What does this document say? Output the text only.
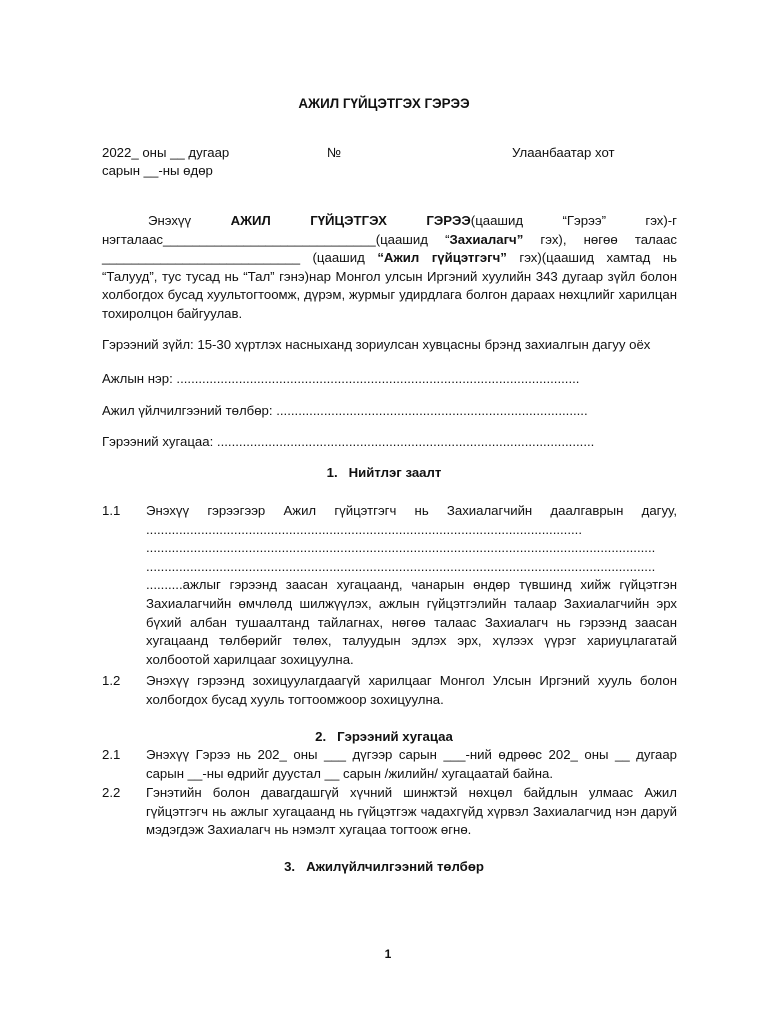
АЖИЛ ГҮЙЦЭТГЭХ ГЭРЭЭ
2022_ оны __ дугаар	№	Улаанбаатар хот
сарын __-ны өдөр
Энэхүү АЖИЛ ГҮЙЦЭТГЭХ ГЭРЭЭ(цаашид “Гэрээ” гэх)-г нэгталаас_____________________________(цаашид “Захиалагч” гэх), нөгөө талаас ___________________________ (цаашид “Ажил гүйцэтгэгч” гэх)(цаашид хамтад нь “Талууд”, тус тусад нь “Тал” гэнэ)нар Монгол улсын Иргэний хуулийн 343 дугаар зүйл болон холбогдох бусад хуультогтоомж, дүрэм, журмыг удирдлага болгон дараах нөхцлийг харилцан тохиролцон байгуулав.
Гэрээний зүйл: 15-30 хүртлэх насныханд зориулсан хувцасны брэнд захиалгын дагуу оёх
Ажлын нэр: ..............................................................................................................
Ажил үйлчилгээний төлбөр: .....................................................................................
Гэрээний хугацаа: .......................................................................................................
1. Нийтлэг заалт
1.1 Энэхүү гэрээгээр Ажил гүйцэтгэгч нь Захиалагчийн даалгаврын дагуу, .......................................................................................................................
...........................................................................................................................................
...........................................................................................................................................
..........ажлыг гэрээнд заасан хугацаанд, чанарын өндөр түвшинд хийж гүйцэтгэн Захиалагчийн өмчлөлд шилжүүлэх, ажлын гүйцэтгэлийн талаар Захиалагчийн эрх бүхий албан тушаалтанд тайлагнах, нөгөө талаас Захиалагч нь гэрээнд заасан хугацаанд төлбөрийг төлөх, талуудын эдлэх эрх, хүлээх үүрэг хариуцлагатай холбоотой харилцааг зохицуулна.
1.2 Энэхүү гэрээнд зохицуулагдаагүй харилцааг Монгол Улсын Иргэний хууль болон холбогдох бусад хууль тогтоомжоор зохицуулна.
2. Гэрээний хугацаа
2.1 Энэхүү Гэрээ нь 202_ оны ___ дүгээр сарын ___-ний өдрөөс 202_ оны __ дугаар сарын __-ны өдрийг дуустал __ сарын /жилийн/ хугацаатай байна.
2.2 Гэнэтийн болон давагдашгүй хүчний шинжтэй нөхцөл байдлын улмаас Ажил гүйцэтгэгч нь ажлыг хугацаанд нь гүйцэтгэж чадахгүйд хүрвэл Захиалагчид нэн даруй мэдэгдэж Захиалагч нь нэмэлт хугацаа тогтоож өгнө.
3. Ажилүйлчилгээний төлбөр
1
